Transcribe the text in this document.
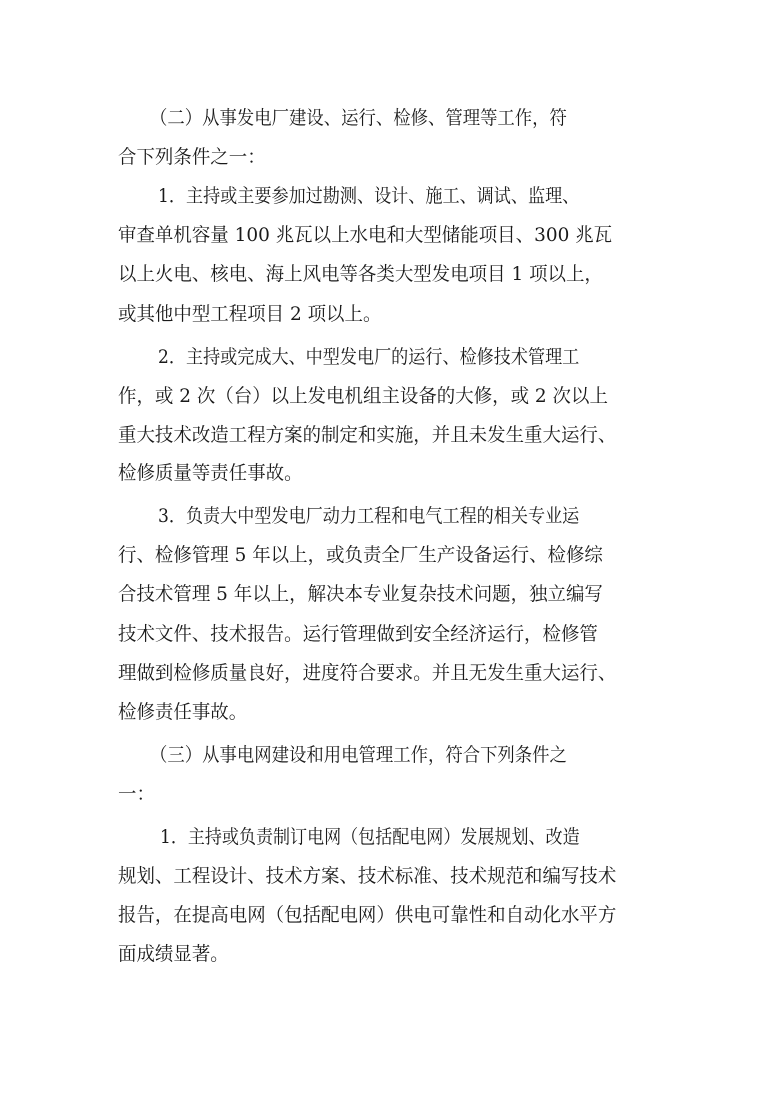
（二）从事发电厂建设、运行、检修、管理等工作，符
合下列条件之一：
1．主持或主要参加过勘测、设计、施工、调试、监理、
审查单机容量 100 兆瓦以上水电和大型储能项目、300 兆瓦
以上火电、核电、海上风电等各类大型发电项目 1 项以上，
或其他中型工程项目 2 项以上。
2．主持或完成大、中型发电厂的运行、检修技术管理工
作，或 2 次（台）以上发电机组主设备的大修，或 2 次以上
重大技术改造工程方案的制定和实施，并且未发生重大运行、
检修质量等责任事故。
3．负责大中型发电厂动力工程和电气工程的相关专业运
行、检修管理 5 年以上，或负责全厂生产设备运行、检修综
合技术管理 5 年以上，解决本专业复杂技术问题，独立编写
技术文件、技术报告。运行管理做到安全经济运行，检修管
理做到检修质量良好，进度符合要求。并且无发生重大运行、
检修责任事故。
（三）从事电网建设和用电管理工作，符合下列条件之
一：
1．主持或负责制订电网（包括配电网）发展规划、改造
规划、工程设计、技术方案、技术标准、技术规范和编写技术
报告，在提高电网（包括配电网）供电可靠性和自动化水平方
面成绩显著。
